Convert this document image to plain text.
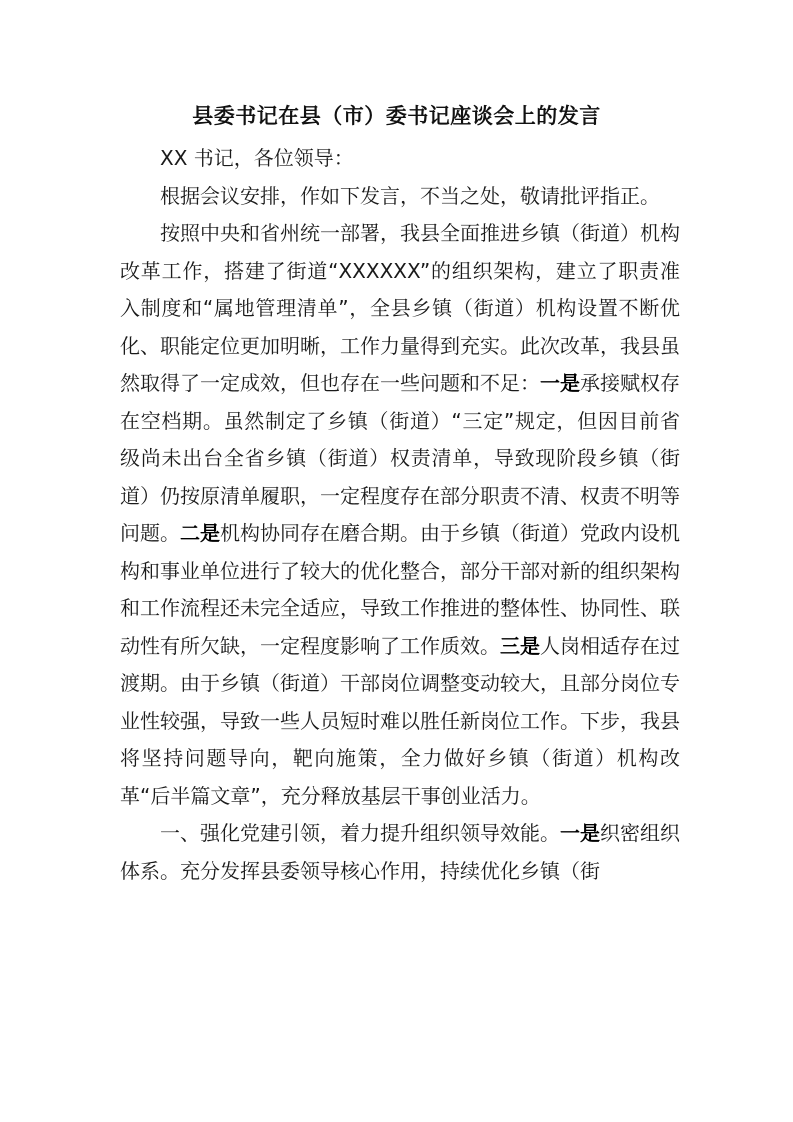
县委书记在县（市）委书记座谈会上的发言

XX 书记，各位领导：

根据会议安排，作如下发言，不当之处，敬请批评指正。

按照中央和省州统一部署，我县全面推进乡镇（街道）机构改革工作，搭建了街道“XXXXXX”的组织架构，建立了职责准入制度和“属地管理清单”，全县乡镇（街道）机构设置不断优化、职能定位更加明晰，工作力量得到充实。此次改革，我县虽然取得了一定成效，但也存在一些问题和不足：一是承接赋权存在空档期。虽然制定了乡镇（街道）“三定”规定，但因目前省级尚未出台全省乡镇（街道）权责清单，导致现阶段乡镇（街道）仍按原清单履职，一定程度存在部分职责不清、权责不明等问题。二是机构协同存在磨合期。由于乡镇（街道）党政内设机构和事业单位进行了较大的优化整合，部分干部对新的组织架构和工作流程还未完全适应，导致工作推进的整体性、协同性、联动性有所欠缺，一定程度影响了工作质效。三是人岗相适存在过渡期。由于乡镇（街道）干部岗位调整变动较大，且部分岗位专业性较强，导致一些人员短时难以胜任新岗位工作。下步，我县将坚持问题导向，靶向施策，全力做好乡镇（街道）机构改革“后半篇文章”，充分释放基层干事创业活力。

一、强化党建引领，着力提升组织领导效能。一是织密组织体系。充分发挥县委领导核心作用，持续优化乡镇（街
